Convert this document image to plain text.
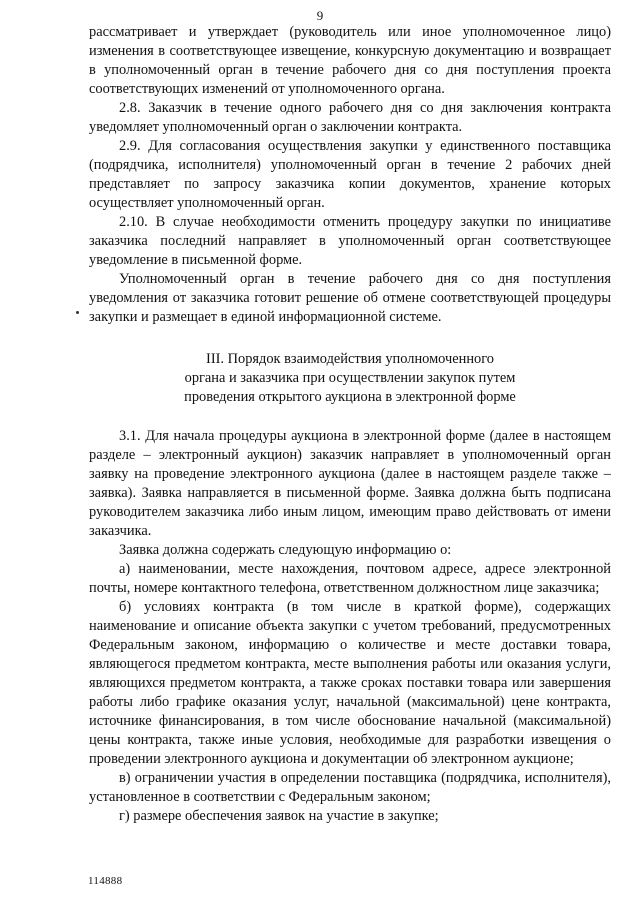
9

рассматривает и утверждает (руководитель или иное уполномоченное лицо) изменения в соответствующее извещение, конкурсную документацию и возвращает в уполномоченный орган в течение рабочего дня со дня поступления проекта соответствующих изменений от уполномоченного органа.

2.8. Заказчик в течение одного рабочего дня со дня заключения контракта уведомляет уполномоченный орган о заключении контракта.

2.9. Для согласования осуществления закупки у единственного поставщика (подрядчика, исполнителя) уполномоченный орган в течение 2 рабочих дней представляет по запросу заказчика копии документов, хранение которых осуществляет уполномоченный орган.

2.10. В случае необходимости отменить процедуру закупки по инициативе заказчика последний направляет в уполномоченный орган соответствующее уведомление в письменной форме.

Уполномоченный орган в течение рабочего дня со дня поступления уведомления от заказчика готовит решение об отмене соответствующей процедуры закупки и размещает в единой информационной системе.

III. Порядок взаимодействия уполномоченного
органа и заказчика при осуществлении закупок путем
проведения открытого аукциона в электронной форме

3.1. Для начала процедуры аукциона в электронной форме (далее в настоящем разделе – электронный аукцион) заказчик направляет в уполномоченный орган заявку на проведение электронного аукциона (далее в настоящем разделе также – заявка). Заявка направляется в письменной форме. Заявка должна быть подписана руководителем заказчика либо иным лицом, имеющим право действовать от имени заказчика.

Заявка должна содержать следующую информацию о:

а) наименовании, месте нахождения, почтовом адресе, адресе электронной почты, номере контактного телефона, ответственном должностном лице заказчика;

б) условиях контракта (в том числе в краткой форме), содержащих наименование и описание объекта закупки с учетом требований, предусмотренных Федеральным законом, информацию о количестве и месте доставки товара, являющегося предметом контракта, месте выполнения работы или оказания услуги, являющихся предметом контракта, а также сроках поставки товара или завершения работы либо графике оказания услуг, начальной (максимальной) цене контракта, источнике финансирования, в том числе обоснование начальной (максимальной) цены контракта, также иные условия, необходимые для разработки извещения о проведении электронного аукциона и документации об электронном аукционе;

в) ограничении участия в определении поставщика (подрядчика, исполнителя), установленное в соответствии с Федеральным законом;

г) размере обеспечения заявок на участие в закупке;

114888
